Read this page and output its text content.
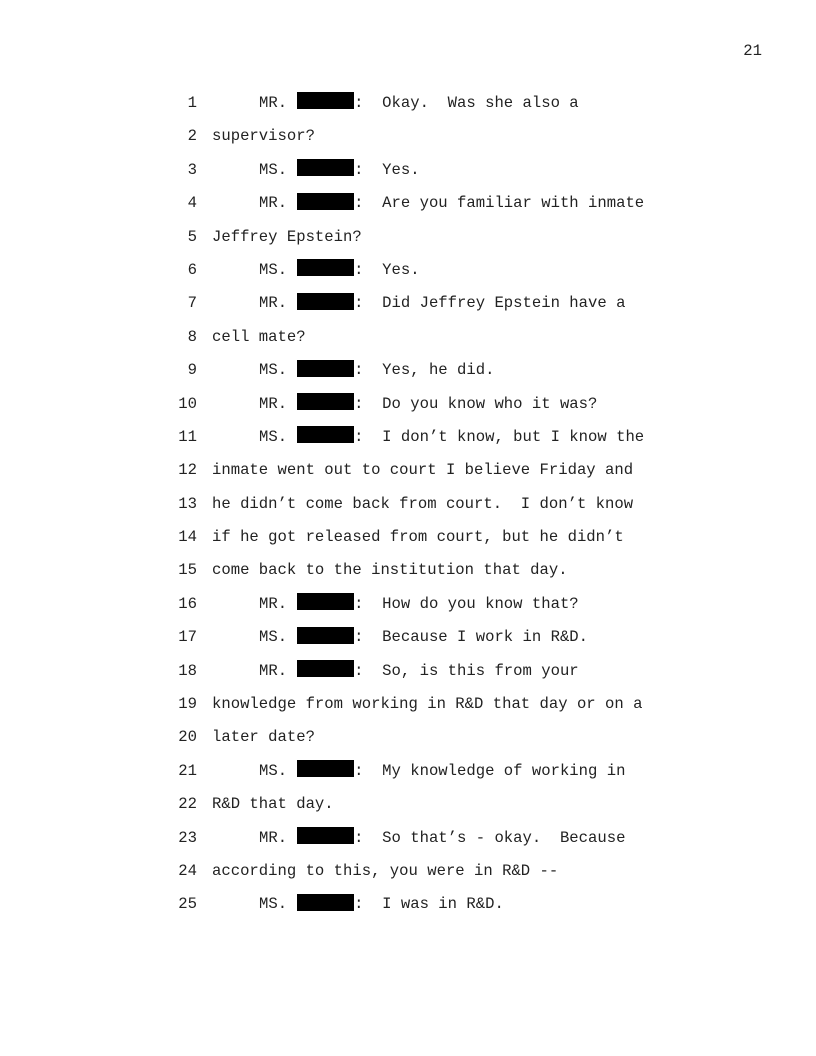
21
1	MR.	:  Okay.  Was she also a
2 supervisor?
3	MS.	:  Yes.
4	MR.	:  Are you familiar with inmate
5 Jeffrey Epstein?
6	MS.	:  Yes.
7	MR.	:  Did Jeffrey Epstein have a
8 cell mate?
9	MS.	:  Yes, he did.
10	MR.	:  Do you know who it was?
11	MS.	:  I don’t know, but I know the
12 inmate went out to court I believe Friday and
13 he didn’t come back from court.  I don’t know
14 if he got released from court, but he didn’t
15 come back to the institution that day.
16	MR.	:  How do you know that?
17	MS.	:  Because I work in R&D.
18	MR.	:  So, is this from your
19 knowledge from working in R&D that day or on a
20 later date?
21	MS.	:  My knowledge of working in
22 R&D that day.
23	MR.	:  So that’s - okay.  Because
24 according to this, you were in R&D --
25	MS.	:  I was in R&D.
